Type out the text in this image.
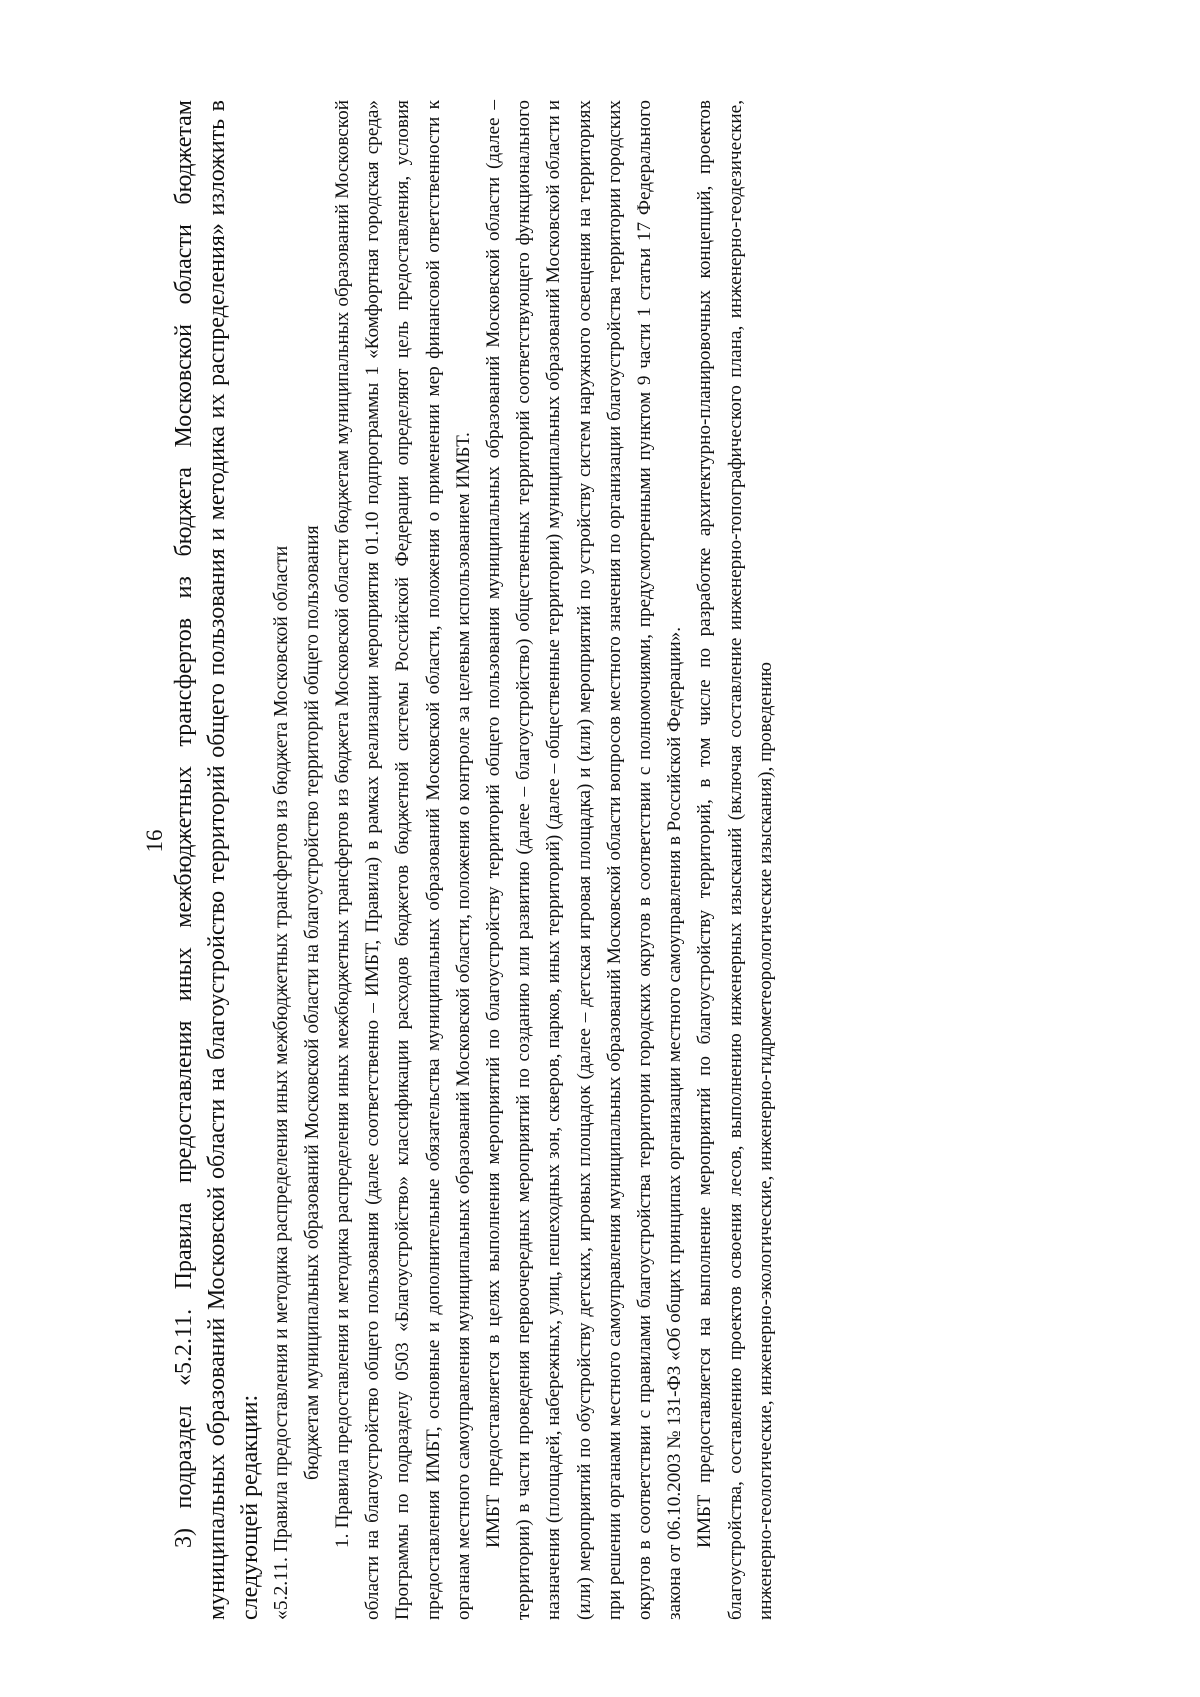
16 3) подраздел «5.2.11. Правила предоставления иных межбюджетных трансфертов из бюджета Московской области бюджетам муниципальных образований Московской области на благоустройство территорий общего пользования и методика их распределения» изложить в следующей редакции: «5.2.11. Правила предоставления и методика распределения иных межбюджетных трансфертов из бюджета Московской области бюджетам муниципальных образований Московской области на благоустройство территорий общего пользования 1. Правила предоставления и методика распределения иных межбюджетных трансфертов из бюджета Московской области бюджетам муниципальных образований Московской области на благоустройство общего пользования (далее соответственно – ИМБТ, Правила) в рамках реализации мероприятия 01.10 подпрограммы 1 «Комфортная городская среда» Программы по подразделу 0503 «Благоустройство» классификации расходов бюджетов бюджетной системы Российской Федерации определяют цель предоставления, условия предоставления ИМБТ, основные и дополнительные обязательства муниципальных образований Московской области, положения о применении мер финансовой ответственности к органам местного самоуправления муниципальных образований Московской области, положения о контроле за целевым использованием ИМБТ. ИМБТ предоставляется в целях выполнения мероприятий по благоустройству территорий общего пользования муниципальных образований Московской области (далее – территории) в части проведения первоочередных мероприятий по созданию или развитию (далее – благоустройство) общественных территорий соответствующего функционального назначения (площадей, набережных, улиц, пешеходных зон, скверов, парков, иных территорий) (далее – общественные территории) муниципальных образований Московской области и (или) мероприятий по обустройству детских, игровых площадок (далее – детская игровая площадка) и (или) мероприятий по устройству систем наружного освещения на территориях при решении органами местного самоуправления муниципальных образований Московской области вопросов местного значения по организации благоустройства территории городских округов в соответствии с правилами благоустройства территории городских округов в соответствии с полномочиями, предусмотренными пунктом 9 части 1 статьи 17 Федерального закона от 06.10.2003 № 131-ФЗ «Об общих принципах организации местного самоуправления в Российской Федерации». ИМБТ предоставляется на выполнение мероприятий по благоустройству территорий, в том числе по разработке архитектурно-планировочных концепций, проектов благоустройства, составлению проектов освоения лесов, выполнению инженерных изысканий (включая составление инженерно-топографического плана, инженерно-геодезические, инженерно-геологические, инженерно-экологические, инженерно-гидрометеорологические изыскания), проведению
